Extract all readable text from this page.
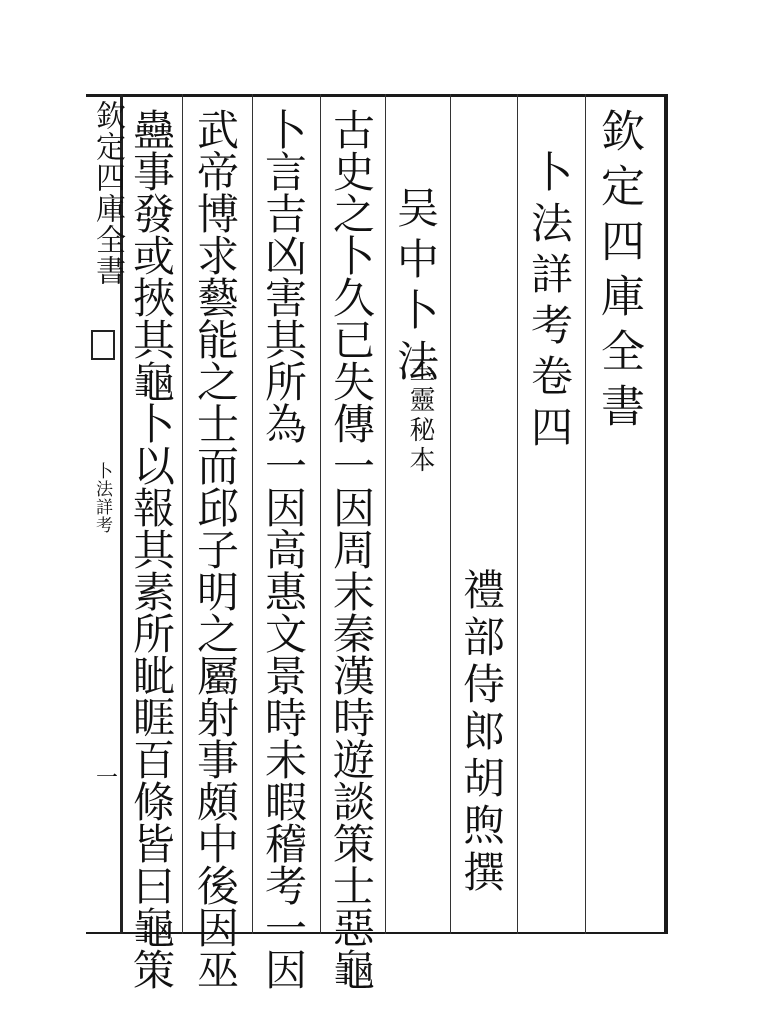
欽定四庫全書
卜法詳考
一
欽定四庫全書
卜法詳考卷四
禮部侍郎胡煦撰
吴中卜法
玉靈秘本
古史之卜久已失傳一因周末秦漢時遊談策士惡龜
卜言吉凶害其所為一因高惠文景時未暇稽考一因
武帝博求藝能之士而邱子明之屬射事頗中後因巫
蠱事發或挾其龜卜以報其素所眦睚百條皆曰龜策
